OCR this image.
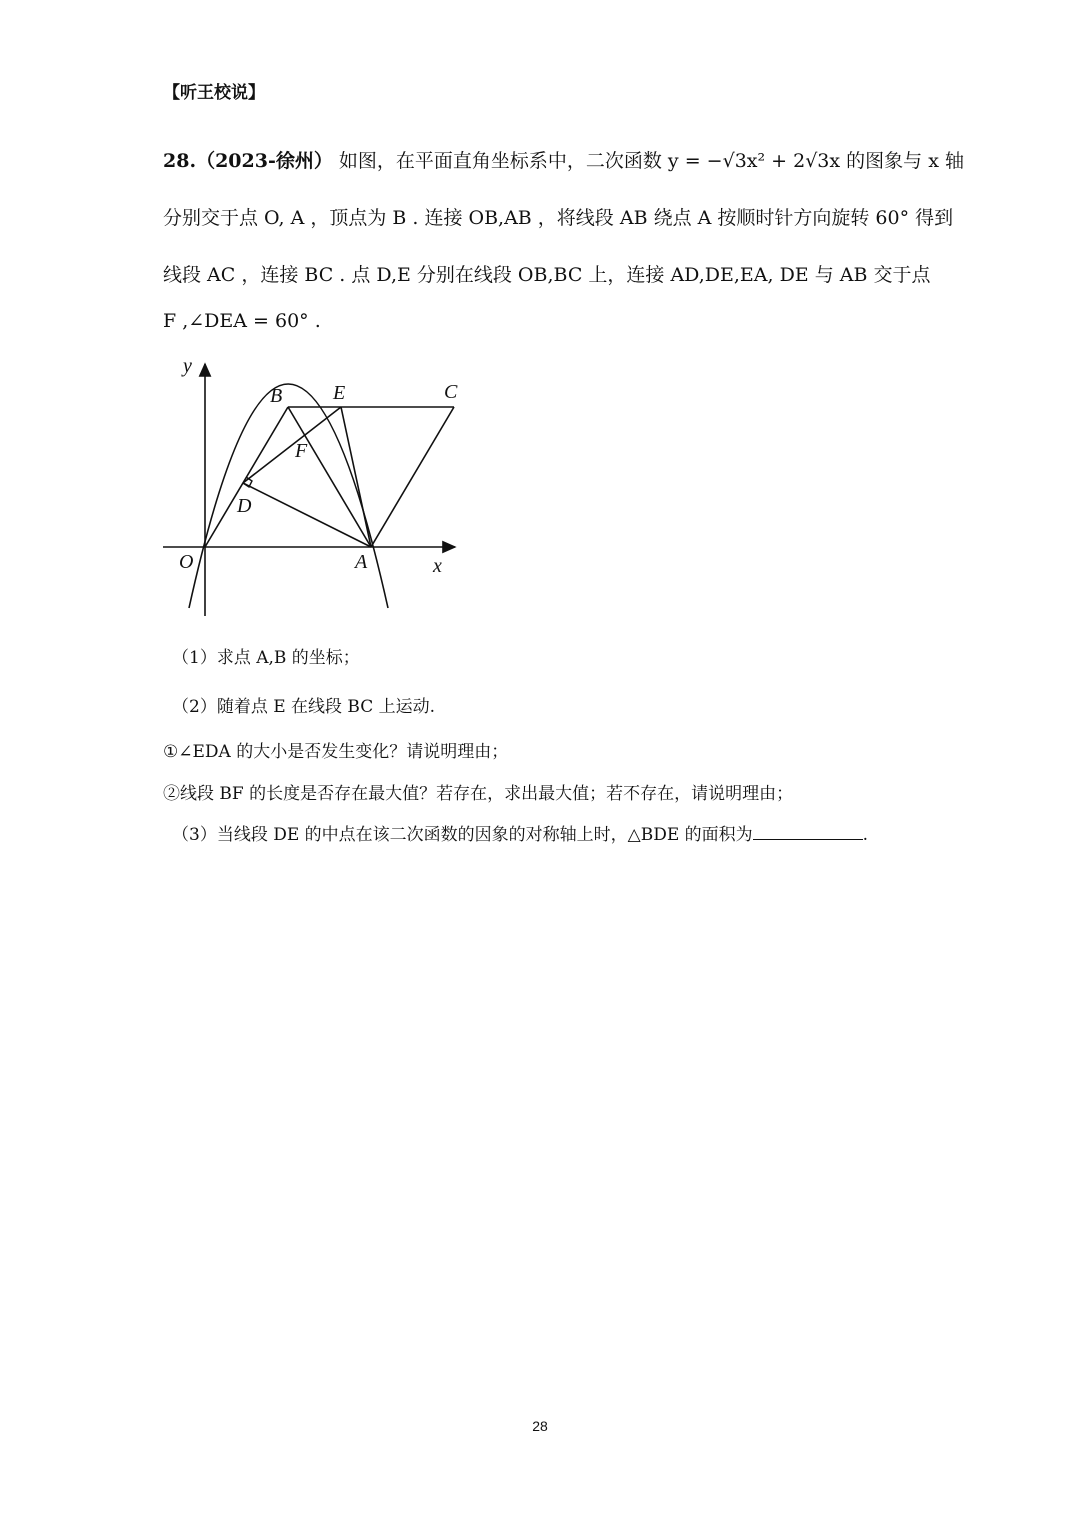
【听王校说】
28.（2023-徐州） 如图，在平面直角坐标系中，二次函数 y = −√3x² + 2√3x 的图象与 x 轴
分别交于点 O, A ，顶点为 B . 连接 OB,AB ，将线段 AB 绕点 A 按顺时针方向旋转 60° 得到
线段 AC ，连接 BC . 点 D,E 分别在线段 OB,BC 上，连接 AD,DE,EA, DE 与 AB 交于点
F ,∠DEA = 60° .
y
x
O	A
B	E	C
F
D
（1）求点 A,B 的坐标；
（2）随着点 E 在线段 BC 上运动.
①∠EDA 的大小是否发生变化？请说明理由；
②线段 BF 的长度是否存在最大值？若存在，求出最大值；若不存在，请说明理由；
（3）当线段 DE 的中点在该二次函数的因象的对称轴上时，△BDE 的面积为	.
28
